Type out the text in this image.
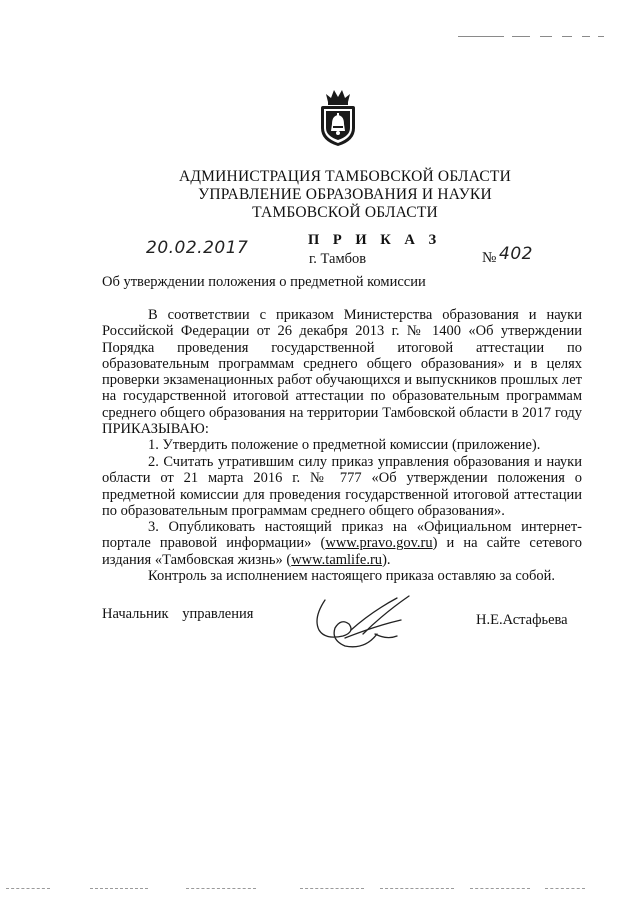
АДМИНИСТРАЦИЯ ТАМБОВСКОЙ ОБЛАСТИ
УПРАВЛЕНИЕ ОБРАЗОВАНИЯ И НАУКИ
ТАМБОВСКОЙ ОБЛАСТИ
П Р И К А З
г. Тамбов
20.02.2017	№ 402
Об утверждении положения о предметной комиссии
В соответствии с приказом Министерства образования и науки Российской Федерации от 26 декабря 2013 г. № 1400 «Об утверждении Порядка проведения государственной итоговой аттестации по образовательным программам среднего общего образования» и в целях проверки экзаменационных работ обучающихся и выпускников прошлых лет на государственной итоговой аттестации по образовательным программам среднего общего образования на территории Тамбовской области в 2017 году ПРИКАЗЫВАЮ:
1. Утвердить положение о предметной комиссии (приложение).
2. Считать утратившим силу приказ управления образования и науки области от 21 марта 2016 г. № 777 «Об утверждении положения о предметной комиссии для проведения государственной итоговой аттестации по образовательным программам среднего общего образования».
3. Опубликовать настоящий приказ на «Официальном интернет-портале правовой информации» (www.pravo.gov.ru) и на сайте сетевого издания «Тамбовская жизнь» (www.tamlife.ru).
Контроль за исполнением настоящего приказа оставляю за собой.
Начальник управления	Н.Е.Астафьева
